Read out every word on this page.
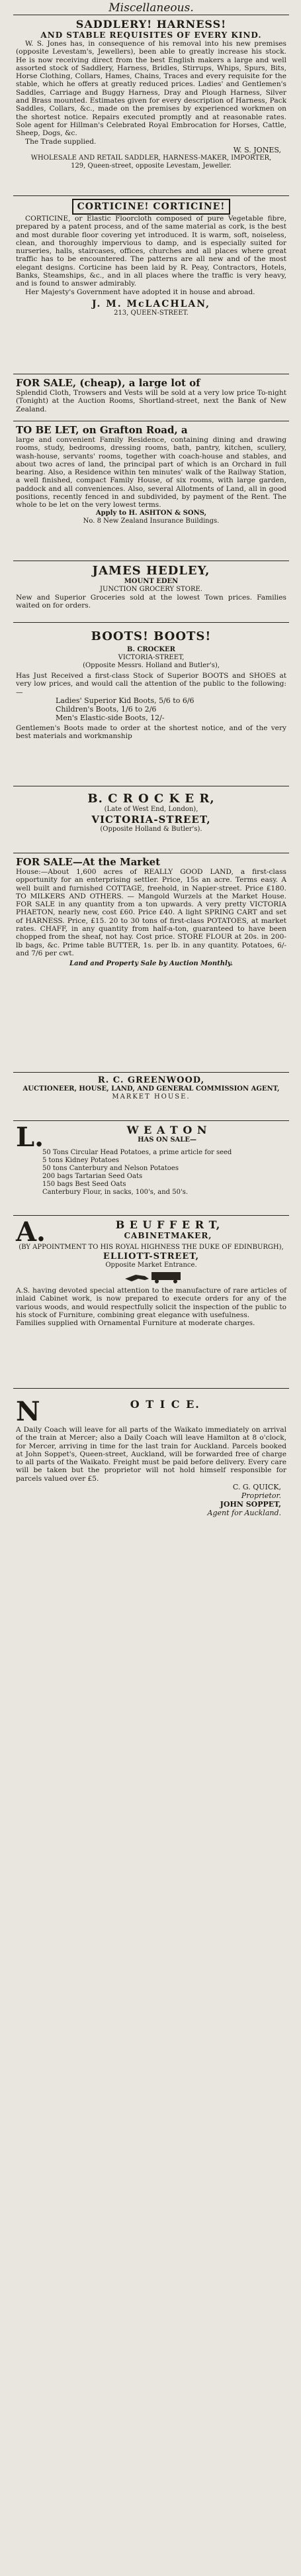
Miscellaneous.
SADDLERY! HARNESS!
AND STABLE REQUISITES OF EVERY KIND.
W. S. Jones has, in consequence of his removal into his new premises (opposite Levestam's, Jewellers), been able to greatly increase his stock. He is now receiving direct from the best English makers a large and well assorted stock of Saddlery, Harness, Bridles, Stirrups, Whips, Spurs, Bits, Horse Clothing, Collars, Hames, Chains, Traces and every requisite for the stable, which he offers at greatly reduced prices. Ladies' and Gentlemen's Saddles, Carriage and Buggy Harness, Dray and Plough Harness, Silver and Brass mounted. Estimates given for every description of Harness, Pack Saddles, Collars, &c., made on the premises by experienced workmen on the shortest notice. Repairs executed promptly and at reasonable rates. Sole agent for Hillman's Celebrated Royal Embrocation for Horses, Cattle, Sheep, Dogs, &c.
The Trade supplied.
W. S. JONES,
WHOLESALE AND RETAIL SADDLER, HARNESS-MAKER, IMPORTER,
129, Queen-street, opposite Levestam, Jeweller.
CORTICINE! CORTICINE!
CORTICINE, or Elastic Floorcloth composed of pure Vegetable fibre, prepared by a patent process, and of the same material as cork, is the best and most durable floor covering yet introduced. It is warm, soft, noiseless, clean, and thoroughly impervious to damp, and is especially suited for nurseries, halls, staircases, offices, churches and all places where great traffic has to be encountered. The patterns are all new and of the most elegant designs. Corticine has been laid by R. Peay, Contractors, Hotels, Banks, Steamships, &c., and in all places where the traffic is very heavy, and is found to answer admirably.
Her Majesty's Government have adopted it in house and abroad.
J. M. McLACHLAN,
213, QUEEN-STREET.
FOR SALE, (cheap), a large lot of
Splendid Cloth, Trowsers and Vests will be sold at a very low price To-night (Tonight) at the Auction Rooms, Shortland-street, next the Bank of New Zealand.
TO BE LET, on Grafton Road, a
large and convenient Family Residence, containing dining and drawing rooms, study, bedrooms, dressing rooms, bath, pantry, kitchen, scullery, wash-house, servants' rooms, together with coach-house and stables, and about two acres of land, the principal part of which is an Orchard in full bearing. Also, a Residence within ten minutes' walk of the Railway Station, a well finished, compact Family House, of six rooms, with large garden, paddock and all conveniences. Also, several Allotments of Land, all in good positions, recently fenced in and subdivided, by payment of the Rent. The whole to be let on the very lowest terms.
Apply to H. ASHTON & SONS,
No. 8 New Zealand Insurance Buildings.
JAMES HEDLEY,
MOUNT EDEN
JUNCTION GROCERY STORE.
New and Superior Groceries sold at the lowest Town prices. Families waited on for orders.
BOOTS! BOOTS!
B. CROCKER
VICTORIA-STREET,
(Opposite Messrs. Holland and Butler's),
Has Just Received a first-class Stock of Superior BOOTS and SHOES at very low prices, and would call the attention of the public to the following:—
Ladies' Superior Kid Boots, 5/6 to 6/6
Children's Boots, 1/6 to 2/6
Men's Elastic-side Boots, 12/-
Gentlemen's Boots made to order at the shortest notice, and of the very best materials and workmanship
B. C R O C K E R,
(Late of West End, London),
VICTORIA-STREET,
(Opposite Holland & Butler's).
FOR SALE—At the Market
House:—About 1,600 acres of REALLY GOOD LAND, a first-class opportunity for an enterprising settler. Price, 15s an acre. Terms easy. A well built and furnished COTTAGE, freehold, in Napier-street. Price £180. TO MILKERS AND OTHERS. — Mangold Wurzels at the Market House. FOR SALE in any quantity from a ton upwards. A very pretty VICTORIA PHAETON, nearly new, cost £60. Price £40. A light SPRING CART and set of HARNESS. Price, £15. 20 to 30 tons of first-class POTATOES, at market rates. CHAFF, in any quantity from half-a-ton, guaranteed to have been chopped from the sheaf, not hay. Cost price. STORE FLOUR at 20s. in 200-lb bags, &c. Prime table BUTTER, 1s. per lb. in any quantity. Potatoes, 6/- and 7/6 per cwt.
Land and Property Sale by Auction Monthly.
R. C. GREENWOOD,
AUCTIONEER, HOUSE, LAND, AND GENERAL COMMISSION AGENT,
MARKET HOUSE.
L.	W E A T O N
HAS ON SALE—
50 Tons Circular Head Potatoes, a prime article for seed
5 tons Kidney Potatoes
50 tons Canterbury and Nelson Potatoes
200 bags Tartarian Seed Oats
150 bags Best Seed Oats
Canterbury Flour, in sacks, 100's, and 50's.
A.	B E U F F E R T,
CABINETMAKER,
(BY APPOINTMENT TO HIS ROYAL HIGHNESS THE DUKE OF EDINBURGH),
ELLIOTT-STREET,
Opposite Market Entrance.
A.S. having devoted special attention to the manufacture of rare articles of inlaid Cabinet work, is now prepared to execute orders for any of the various woods, and would respectfully solicit the inspection of the public to his stock of Furniture, combining great elegance with usefulness.
Families supplied with Ornamental Furniture at moderate charges.
N	O T I C E.
A Daily Coach will leave for all parts of the Waikato immediately on arrival of the train at Mercer; also a Daily Coach will leave Hamilton at 8 o'clock, for Mercer, arriving in time for the last train for Auckland. Parcels booked at John Soppet's, Queen-street, Auckland, will be forwarded free of charge to all parts of the Waikato. Freight must be paid before delivery. Every care will be taken but the proprietor will not hold himself responsible for parcels valued over £5.
C. G. QUICK,
Proprietor.
JOHN SOPPET,
Agent for Auckland.
